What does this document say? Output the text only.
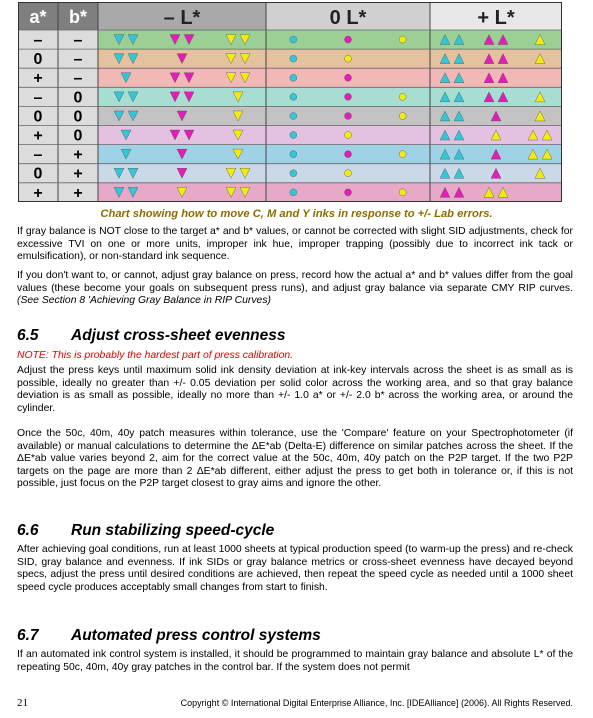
a* b*	– L*	0 L*	+ L*
– –
0 –
+ –
– 0
0 0
+ 0
– +
0 +
+ +
Chart showing how to move C, M and Y inks in response to +/- Lab errors.
If gray balance is NOT close to the target a* and b* values, or cannot be corrected with slight SID adjustments, check for excessive TVI on one or more units, improper ink hue, improper trapping (possibly due to incorrect ink tack or emulsification), or non-standard ink sequence.
If you don't want to, or cannot, adjust gray balance on press, record how the actual a* and b* values differ from the goal values (these become your goals on subsequent press runs), and adjust gray balance via separate CMY RIP curves. (See Section 8 'Achieving Gray Balance in RIP Curves)
6.5 Adjust cross-sheet evenness
NOTE: This is probably the hardest part of press calibration.
Adjust the press keys until maximum solid ink density deviation at ink-key intervals across the sheet is as small as is possible, ideally no greater than +/- 0.05 deviation per solid color across the working area, and so that gray balance deviation is as small as possible, ideally no more than +/- 1.0 a* or +/- 2.0 b* across the working area, or around the cylinder.
Once the 50c, 40m, 40y patch measures within tolerance, use the 'Compare' feature on your Spectrophotometer (if available) or manual calculations to determine the ΔE*ab (Delta-E) difference on similar patches across the sheet. If the ΔE*ab value varies beyond 2, aim for the correct value at the 50c, 40m, 40y patch on the P2P target. If the two P2P targets on the page are more than 2 ΔE*ab different, either adjust the press to get both in tolerance or, if this is not possible, just focus on the P2P target closest to gray aims and ignore the other.
6.6 Run stabilizing speed-cycle
After achieving goal conditions, run at least 1000 sheets at typical production speed (to warm-up the press) and re-check SID, gray balance and evenness. If ink SIDs or gray balance metrics or cross-sheet evenness have decayed beyond specs, adjust the press until desired conditions are achieved, then repeat the speed cycle as needed until a 1000 sheet speed cycle produces acceptably small changes from start to finish.
6.7 Automated press control systems
If an automated ink control system is installed, it should be programmed to maintain gray balance and absolute L* of the repeating 50c, 40m, 40y gray patches in the control bar. If the system does not permit
21	Copyright © International Digital Enterprise Alliance, Inc. [IDEAlliance] (2006). All Rights Reserved.
